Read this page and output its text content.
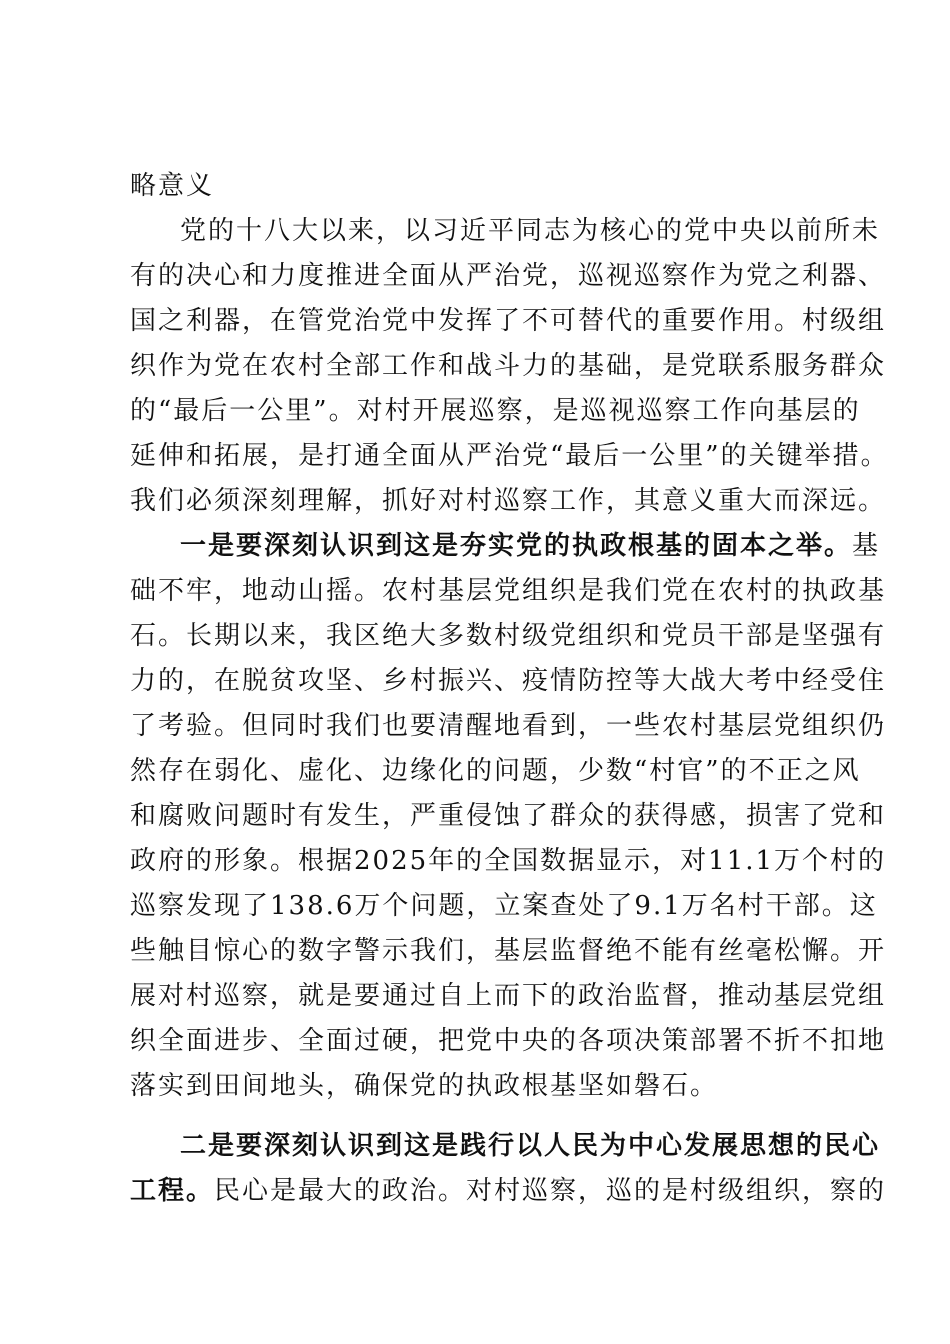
略意义
党的十八大以来，以习近平同志为核心的党中央以前所未
有的决心和力度推进全面从严治党，巡视巡察作为党之利器、
国之利器，在管党治党中发挥了不可替代的重要作用。村级组
织作为党在农村全部工作和战斗力的基础，是党联系服务群众
的“最后一公里”。对村开展巡察，是巡视巡察工作向基层的
延伸和拓展，是打通全面从严治党“最后一公里”的关键举措。
我们必须深刻理解，抓好对村巡察工作，其意义重大而深远。
一是要深刻认识到这是夯实党的执政根基的固本之举。基
础不牢，地动山摇。农村基层党组织是我们党在农村的执政基
石。长期以来，我区绝大多数村级党组织和党员干部是坚强有
力的，在脱贫攻坚、乡村振兴、疫情防控等大战大考中经受住
了考验。但同时我们也要清醒地看到，一些农村基层党组织仍
然存在弱化、虚化、边缘化的问题，少数“村官”的不正之风
和腐败问题时有发生，严重侵蚀了群众的获得感，损害了党和
政府的形象。根据2025年的全国数据显示，对11.1万个村的
巡察发现了138.6万个问题，立案查处了9.1万名村干部。这
些触目惊心的数字警示我们，基层监督绝不能有丝毫松懈。开
展对村巡察，就是要通过自上而下的政治监督，推动基层党组
织全面进步、全面过硬，把党中央的各项决策部署不折不扣地
落实到田间地头，确保党的执政根基坚如磐石。
二是要深刻认识到这是践行以人民为中心发展思想的民心
工程。民心是最大的政治。对村巡察，巡的是村级组织，察的
